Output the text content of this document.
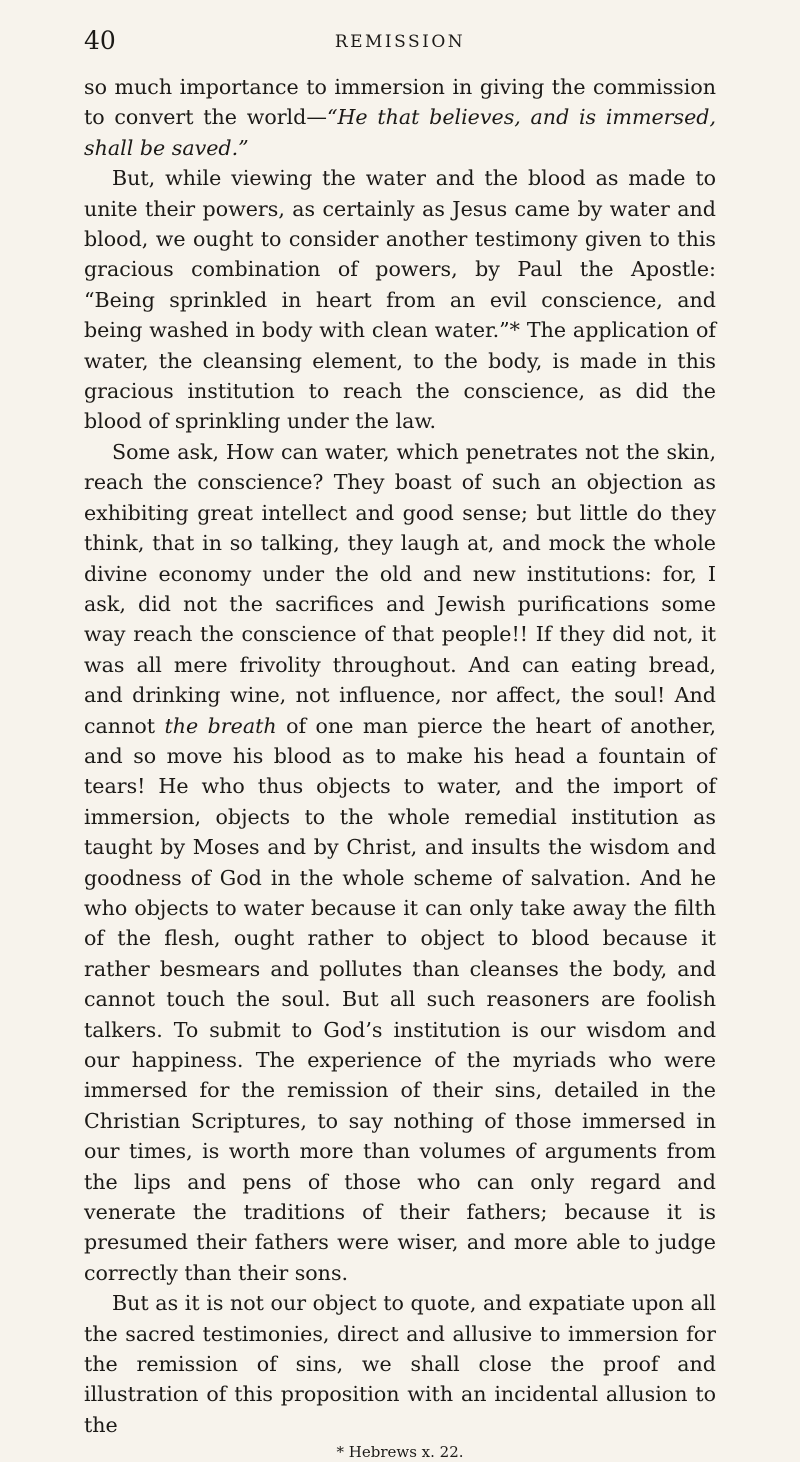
40	REMISSION

so much importance to immersion in giving the commission to convert the world—“He that believes, and is immersed, shall be saved.”

But, while viewing the water and the blood as made to unite their powers, as certainly as Jesus came by water and blood, we ought to consider another testimony given to this gracious combination of powers, by Paul the Apostle: “Being sprinkled in heart from an evil conscience, and being washed in body with clean water.”* The application of water, the cleansing element, to the body, is made in this gracious institution to reach the conscience, as did the blood of sprinkling under the law.

Some ask, How can water, which penetrates not the skin, reach the conscience? They boast of such an objection as exhibiting great intellect and good sense; but little do they think, that in so talking, they laugh at, and mock the whole divine economy under the old and new institutions: for, I ask, did not the sacrifices and Jewish purifications some way reach the conscience of that people!! If they did not, it was all mere frivolity throughout. And can eating bread, and drinking wine, not influence, nor affect, the soul! And cannot the breath of one man pierce the heart of another, and so move his blood as to make his head a fountain of tears! He who thus objects to water, and the import of immersion, objects to the whole remedial institution as taught by Moses and by Christ, and insults the wisdom and goodness of God in the whole scheme of salvation. And he who objects to water because it can only take away the filth of the flesh, ought rather to object to blood because it rather besmears and pollutes than cleanses the body, and cannot touch the soul. But all such reasoners are foolish talkers. To submit to God’s institution is our wisdom and our happiness. The experience of the myriads who were immersed for the remission of their sins, detailed in the Christian Scriptures, to say nothing of those immersed in our times, is worth more than volumes of arguments from the lips and pens of those who can only regard and venerate the traditions of their fathers; because it is presumed their fathers were wiser, and more able to judge correctly than their sons.

But as it is not our object to quote, and expatiate upon all the sacred testimonies, direct and allusive to immersion for the remission of sins, we shall close the proof and illustration of this proposition with an incidental allusion to the

* Hebrews x. 22.
